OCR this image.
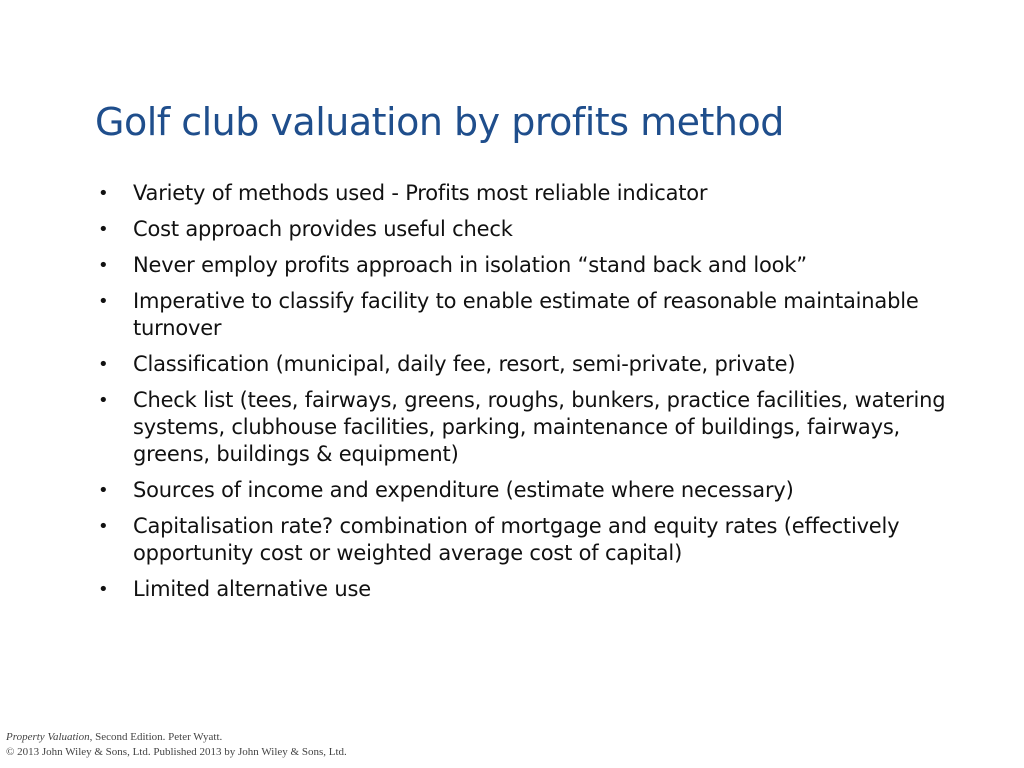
Golf club valuation by profits method
•	Variety of methods used - Profits most reliable indicator
•	Cost approach provides useful check
•	Never employ profits approach in isolation “stand back and look”
•	Imperative to classify facility to enable estimate of reasonable maintainable turnover
•	Classification (municipal, daily fee, resort, semi-private, private)
•	Check list (tees, fairways, greens, roughs, bunkers, practice facilities, watering systems, clubhouse facilities, parking, maintenance of buildings, fairways, greens, buildings & equipment)
•	Sources of income and expenditure (estimate where necessary)
•	Capitalisation rate? combination of mortgage and equity rates (effectively opportunity cost or weighted average cost of capital)
•	Limited alternative use
Property Valuation, Second Edition. Peter Wyatt.
© 2013 John Wiley & Sons, Ltd. Published 2013 by John Wiley & Sons, Ltd.
